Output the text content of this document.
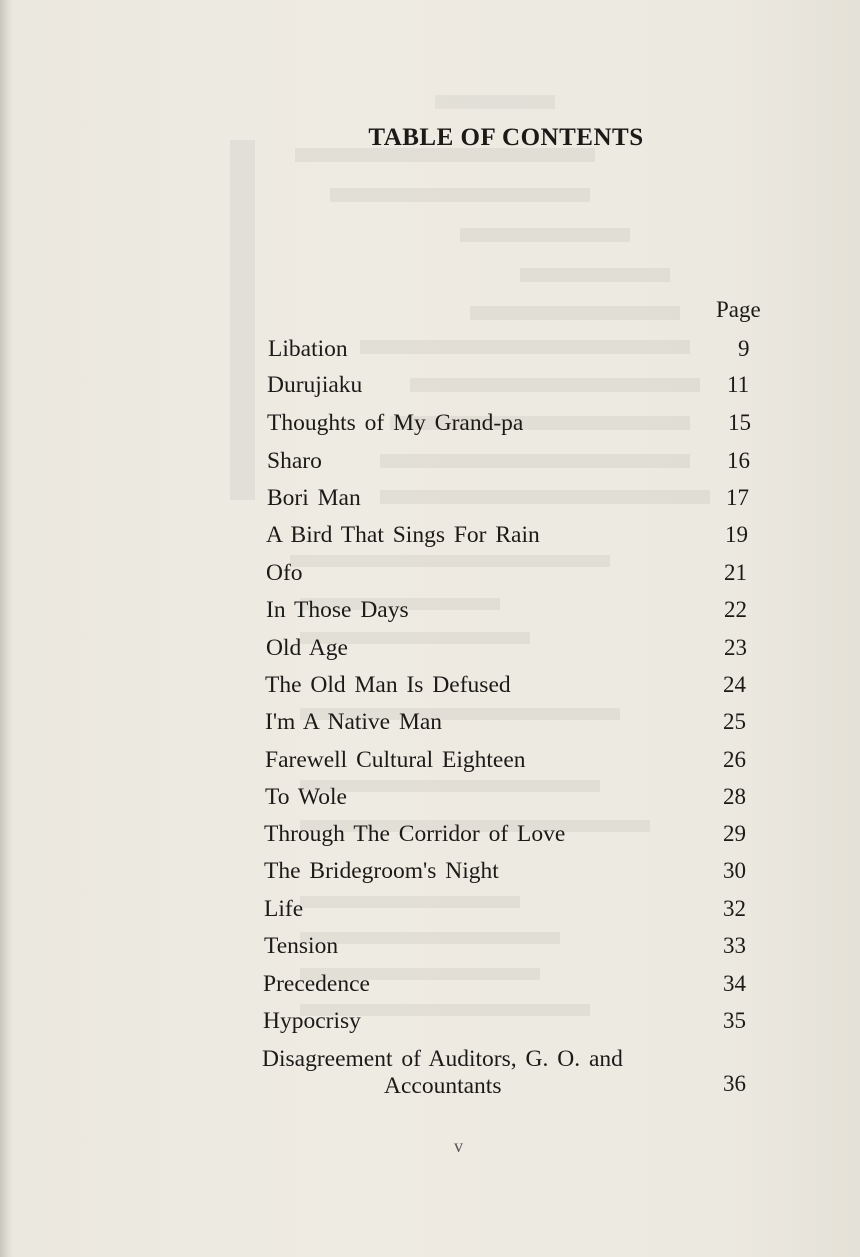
TABLE OF CONTENTS
Page
Libation	9
Durujiaku	11
Thoughts of My Grand-pa	15
Sharo	16
Bori Man	17
A Bird That Sings For Rain	19
Ofo	21
In Those Days	22
Old Age	23
The Old Man Is Defused	24
I'm A Native Man	25
Farewell Cultural Eighteen	26
To Wole	28
Through The Corridor of Love	29
The Bridegroom's Night	30
Life	32
Tension	33
Precedence	34
Hypocrisy	35
Disagreement of Auditors, G. O. and
Accountants	36
v
